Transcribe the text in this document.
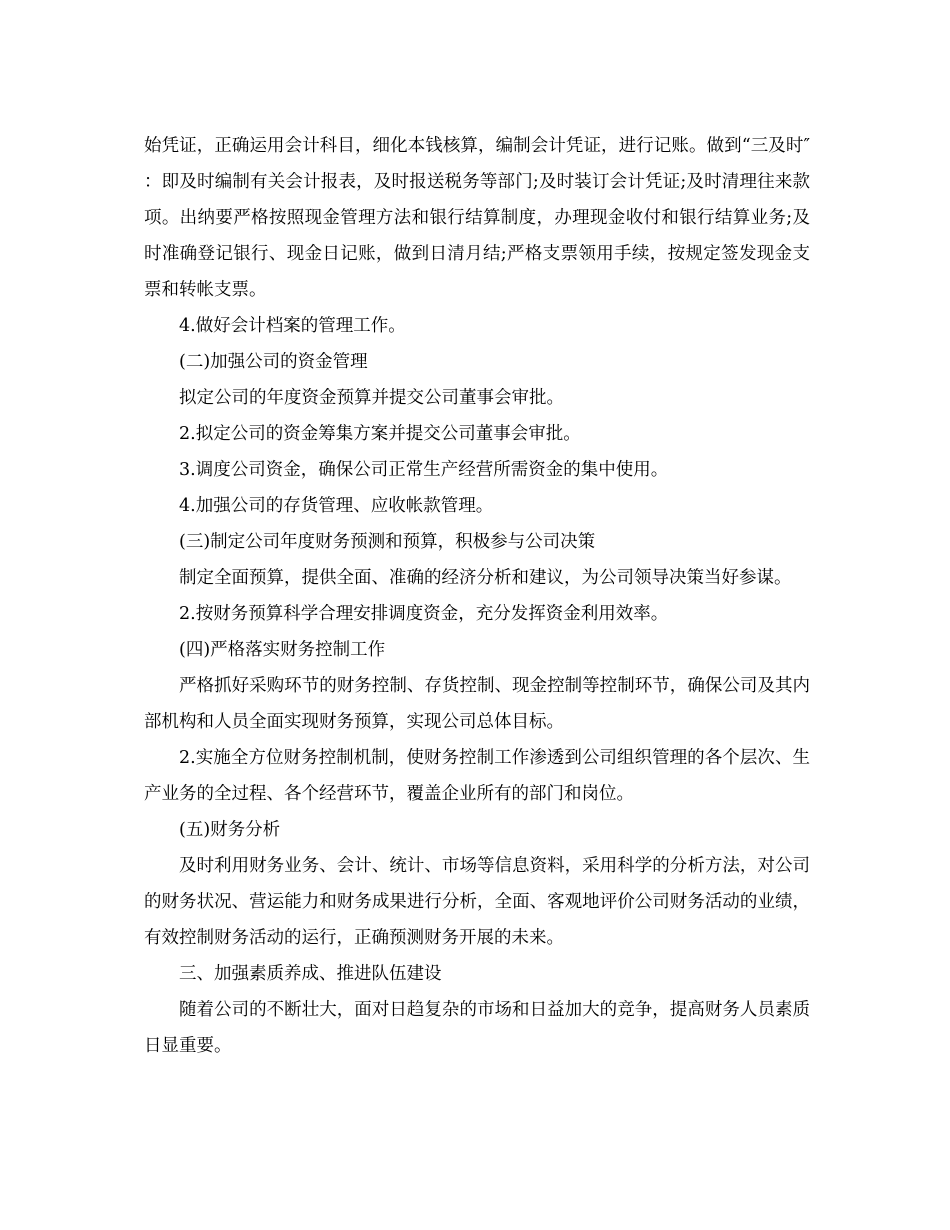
始凭证，正确运用会计科目，细化本钱核算，编制会计凭证，进行记账。做到“三及时″ ：即及时编制有关会计报表，及时报送税务等部门;及时装订会计凭证;及时清理往来款项。出纳要严格按照现金管理方法和银行结算制度，办理现金收付和银行结算业务;及时准确登记银行、现金日记账，做到日清月结;严格支票领用手续，按规定签发现金支票和转帐支票。

4.做好会计档案的管理工作。

(二)加强公司的资金管理

拟定公司的年度资金预算并提交公司董事会审批。

2.拟定公司的资金筹集方案并提交公司董事会审批。

3.调度公司资金，确保公司正常生产经营所需资金的集中使用。

4.加强公司的存货管理、应收帐款管理。

(三)制定公司年度财务预测和预算，积极参与公司决策

制定全面预算，提供全面、准确的经济分析和建议，为公司领导决策当好参谋。

2.按财务预算科学合理安排调度资金，充分发挥资金利用效率。

(四)严格落实财务控制工作

严格抓好采购环节的财务控制、存货控制、现金控制等控制环节，确保公司及其内部机构和人员全面实现财务预算，实现公司总体目标。

2.实施全方位财务控制机制，使财务控制工作渗透到公司组织管理的各个层次、生产业务的全过程、各个经营环节，覆盖企业所有的部门和岗位。

(五)财务分析

及时利用财务业务、会计、统计、市场等信息资料，采用科学的分析方法，对公司的财务状况、营运能力和财务成果进行分析，全面、客观地评价公司财务活动的业绩，有效控制财务活动的运行，正确预测财务开展的未来。

三、加强素质养成、推进队伍建设

随着公司的不断壮大，面对日趋复杂的市场和日益加大的竞争，提高财务人员素质日显重要。
